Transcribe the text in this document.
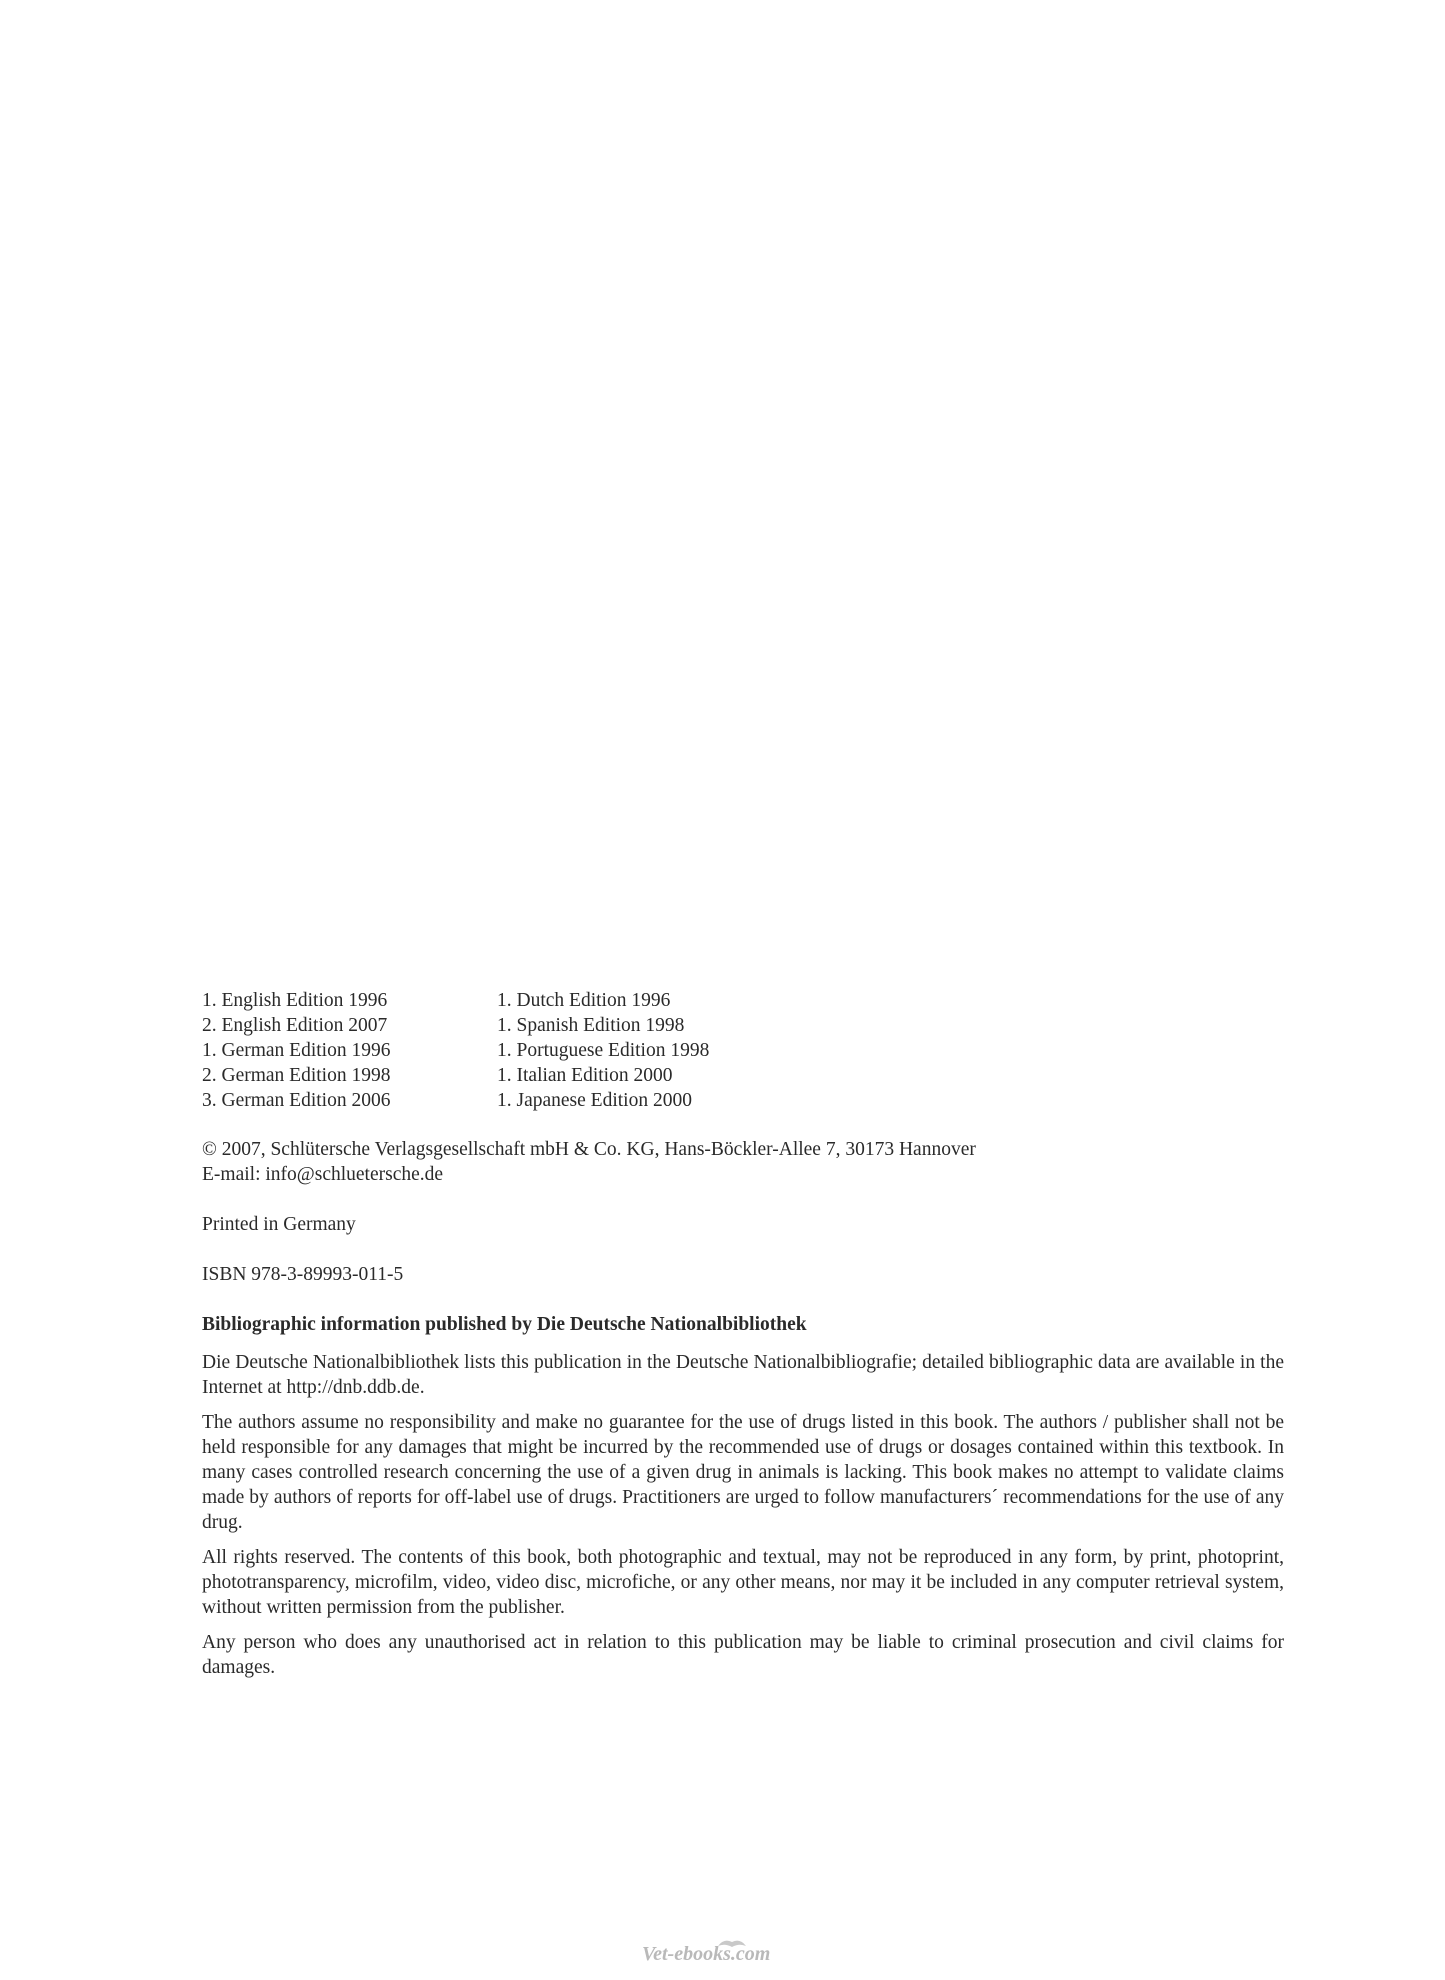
1. English Edition 1996
2. English Edition 2007
1. German Edition 1996
2. German Edition 1998
3. German Edition 2006
1. Dutch Edition 1996
1. Spanish Edition 1998
1. Portuguese Edition 1998
1. Italian Edition 2000
1. Japanese Edition 2000
© 2007, Schlütersche Verlagsgesellschaft mbH & Co. KG, Hans-Böckler-Allee 7, 30173 Hannover
E-mail: info@schluetersche.de
Printed in Germany
ISBN 978-3-89993-011-5
Bibliographic information published by Die Deutsche Nationalbibliothek
Die Deutsche Nationalbibliothek lists this publication in the Deutsche Nationalbibliografie; detailed bibliographic data are available in the Internet at http://dnb.ddb.de.
The authors assume no responsibility and make no guarantee for the use of drugs listed in this book. The authors / publisher shall not be held responsible for any damages that might be incurred by the recommended use of drugs or dosages contained within this textbook. In many cases controlled research concerning the use of a given drug in animals is lacking. This book makes no attempt to validate claims made by authors of reports for off-label use of drugs. Practitioners are urged to follow manufacturers´ recommendations for the use of any drug.
All rights reserved. The contents of this book, both photographic and textual, may not be reproduced in any form, by print, photoprint, phototransparency, microfilm, video, video disc, microfiche, or any other means, nor may it be included in any computer retrieval system, without written permission from the publisher.
Any person who does any unauthorised act in relation to this publication may be liable to criminal prosecution and civil claims for damages.
Vet-ebooks.com
